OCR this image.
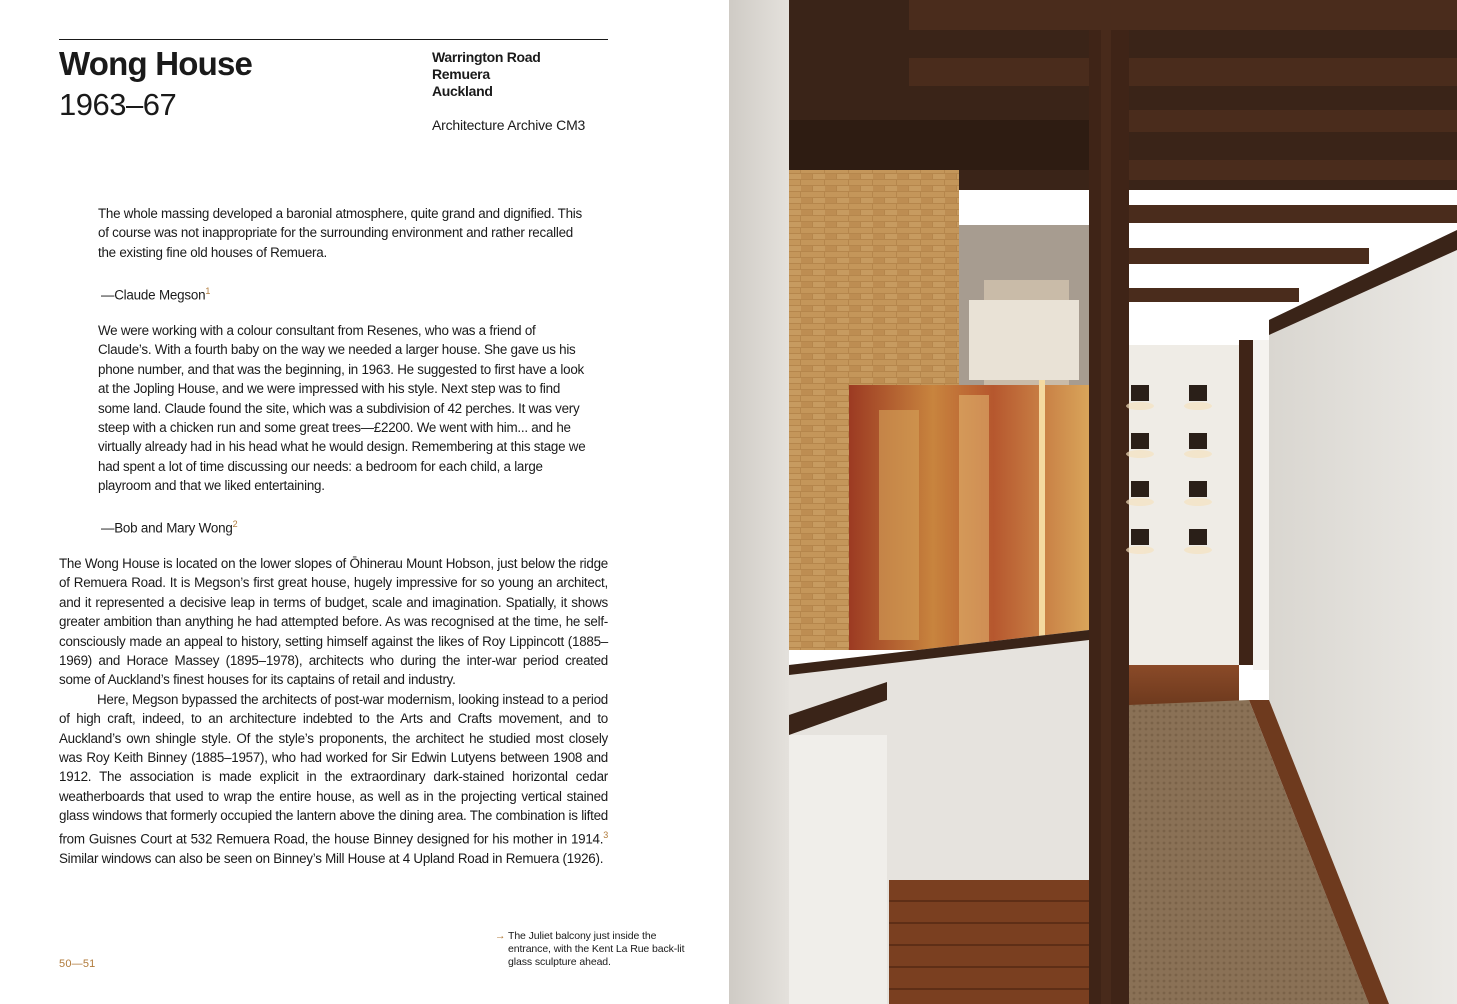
Wong House
1963–67
Warrington Road
Remuera
Auckland
Architecture Archive CM3
The whole massing developed a baronial atmosphere, quite grand and dignified. This of course was not inappropriate for the surrounding environment and rather recalled the existing fine old houses of Remuera.
—Claude Megson$^1$
We were working with a colour consultant from Resenes, who was a friend of Claude’s. With a fourth baby on the way we needed a larger house. She gave us his phone number, and that was the beginning, in 1963. He suggested to first have a look at the Jopling House, and we were impressed with his style. Next step was to find some land. Claude found the site, which was a subdivision of 42 perches. It was very steep with a chicken run and some great trees—£2200. We went with him... and he virtually already had in his head what he would design. Remembering at this stage we had spent a lot of time discussing our needs: a bedroom for each child, a large playroom and that we liked entertaining.
—Bob and Mary Wong$^2$

The Wong House is located on the lower slopes of Ōhinerau Mount Hobson, just below the ridge of Remuera Road. It is Megson’s first great house, hugely impressive for so young an architect, and it represented a decisive leap in terms of budget, scale and imagination. Spatially, it shows greater ambition than anything he had attempted before. As was recognised at the time, he self-consciously made an appeal to history, setting himself against the likes of Roy Lippincott (1885–1969) and Horace Massey (1895–1978), architects who during the inter-war period created some of Auckland’s finest houses for its captains of retail and industry.

Here, Megson bypassed the architects of post-war modernism, looking instead to a period of high craft, indeed, to an architecture indebted to the Arts and Crafts movement, and to Auckland’s own shingle style. Of the style’s proponents, the architect he studied most closely was Roy Keith Binney (1885–1957), who had worked for Sir Edwin Lutyens between 1908 and 1912. The association is made explicit in the extraordinary dark-stained horizontal cedar weatherboards that used to wrap the entire house, as well as in the projecting vertical stained glass windows that formerly occupied the lantern above the dining area. The combination is lifted from Guisnes Court at 532 Remuera Road, the house Binney designed for his mother in 1914.$^3$ Similar windows can also be seen on Binney’s Mill House at 4 Upland Road in Remuera (1926).

→ The Juliet balcony just inside the entrance, with the Kent La Rue back-lit glass sculpture ahead.
50—51
